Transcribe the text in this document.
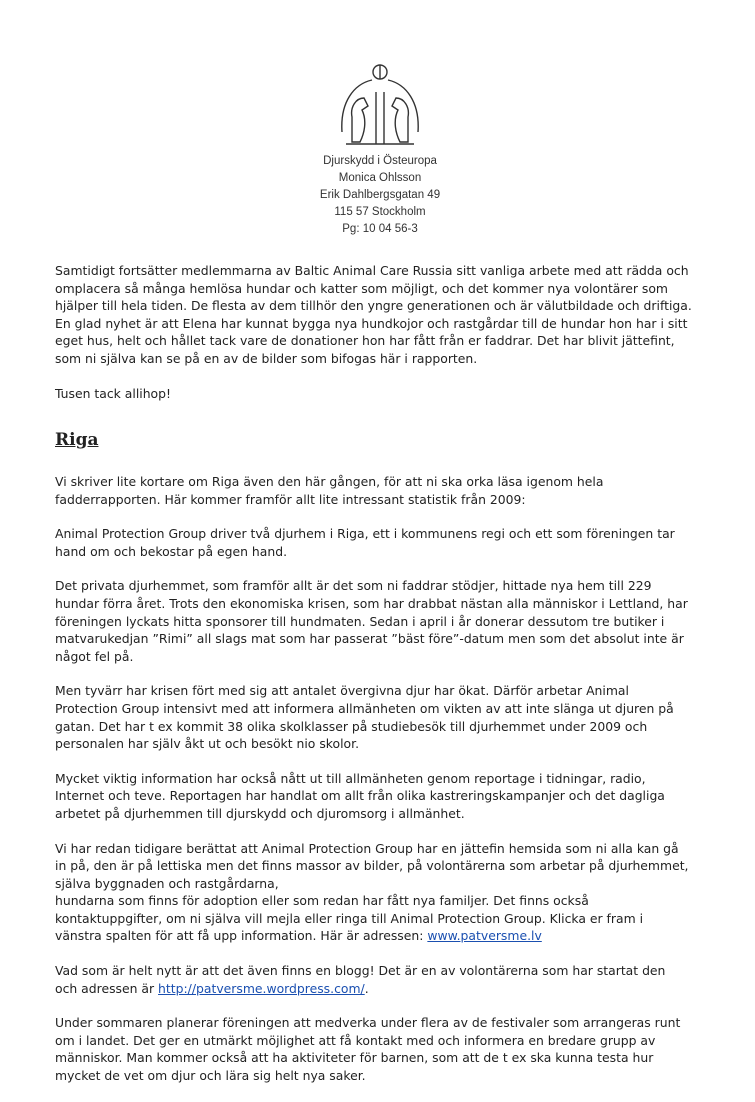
Djurskydd i Östeuropa
Monica Ohlsson
Erik Dahlbergsgatan 49
115 57 Stockholm
Pg: 10 04 56-3

Samtidigt fortsätter medlemmarna av Baltic Animal Care Russia sitt vanliga arbete med att rädda och
omplacera så många hemlösa hundar och katter som möjligt, och det kommer nya volontärer som
hjälper till hela tiden. De flesta av dem tillhör den yngre generationen och är välutbildade och driftiga.
En glad nyhet är att Elena har kunnat bygga nya hundkojor och rastgårdar till de hundar hon har i sitt
eget hus, helt och hållet tack vare de donationer hon har fått från er faddrar. Det har blivit jättefint,
som ni själva kan se på en av de bilder som bifogas här i rapporten.

Tusen tack allihop!

Riga

Vi skriver lite kortare om Riga även den här gången, för att ni ska orka läsa igenom hela
fadderrapporten. Här kommer framför allt lite intressant statistik från 2009:

Animal Protection Group driver två djurhem i Riga, ett i kommunens regi och ett som föreningen tar
hand om och bekostar på egen hand.

Det privata djurhemmet, som framför allt är det som ni faddrar stödjer, hittade nya hem till 229
hundar förra året. Trots den ekonomiska krisen, som har drabbat nästan alla människor i Lettland, har
föreningen lyckats hitta sponsorer till hundmaten. Sedan i april i år donerar dessutom tre butiker i
matvarukedjan ”Rimi” all slags mat som har passerat ”bäst före”-datum men som det absolut inte är
något fel på.

Men tyvärr har krisen fört med sig att antalet övergivna djur har ökat. Därför arbetar Animal
Protection Group intensivt med att informera allmänheten om vikten av att inte slänga ut djuren på
gatan. Det har t ex kommit 38 olika skolklasser på studiebesök till djurhemmet under 2009 och
personalen har själv åkt ut och besökt nio skolor.

Mycket viktig information har också nått ut till allmänheten genom reportage i tidningar, radio,
Internet och teve. Reportagen har handlat om allt från olika kastreringskampanjer och det dagliga
arbetet på djurhemmen till djurskydd och djuromsorg i allmänhet.

Vi har redan tidigare berättat att Animal Protection Group har en jättefin hemsida som ni alla kan gå
in på, den är på lettiska men det finns massor av bilder, på volontärerna som arbetar på djurhemmet,
själva byggnaden och rastgårdarna,
hundarna som finns för adoption eller som redan har fått nya familjer. Det finns också
kontaktuppgifter, om ni själva vill mejla eller ringa till Animal Protection Group. Klicka er fram i
vänstra spalten för att få upp information. Här är adressen: www.patversme.lv

Vad som är helt nytt är att det även finns en blogg! Det är en av volontärerna som har startat den
och adressen är http://patversme.wordpress.com/.

Under sommaren planerar föreningen att medverka under flera av de festivaler som arrangeras runt
om i landet. Det ger en utmärkt möjlighet att få kontakt med och informera en bredare grupp av
människor. Man kommer också att ha aktiviteter för barnen, som att de t ex ska kunna testa hur
mycket de vet om djur och lära sig helt nya saker.
